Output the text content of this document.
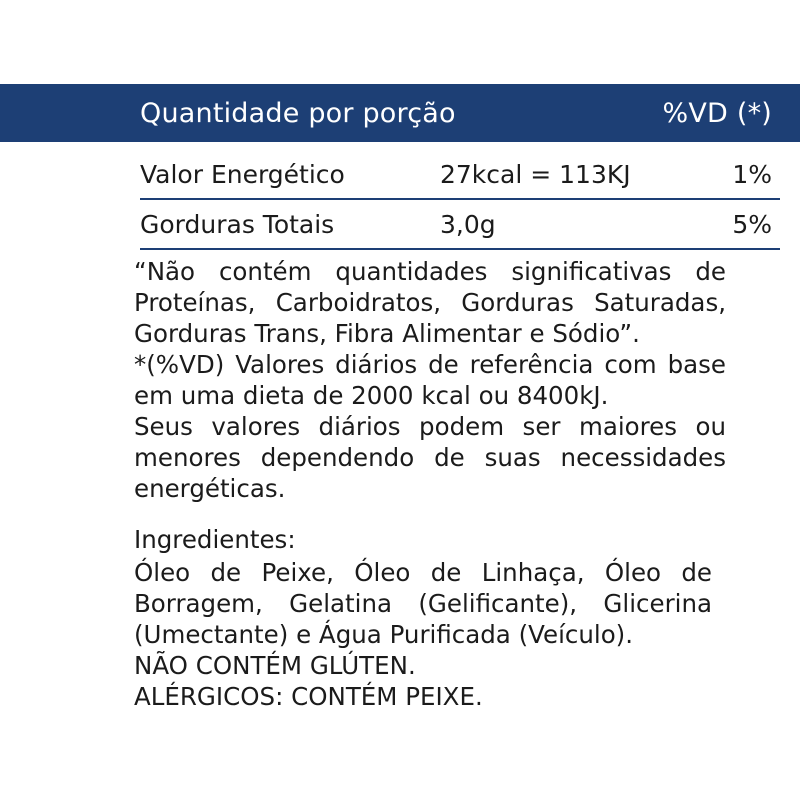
Quantidade por porção	%VD (*)
Valor Energético	27kcal = 113KJ	1%
Gorduras Totais	3,0g	5%

“Não contém quantidades significativas de Proteínas, Carboidratos, Gorduras Saturadas, Gorduras Trans, Fibra Alimentar e Sódio”.

*(%VD) Valores diários de referência com base em uma dieta de 2000 kcal ou 8400kJ.

Seus valores diários podem ser maiores ou menores dependendo de suas necessidades energéticas.

Ingredientes:

Óleo de Peixe, Óleo de Linhaça, Óleo de Borragem, Gelatina (Gelificante), Glicerina (Umectante) e Água Purificada (Veículo).

NÃO CONTÉM GLÚTEN.

ALÉRGICOS: CONTÉM PEIXE.
